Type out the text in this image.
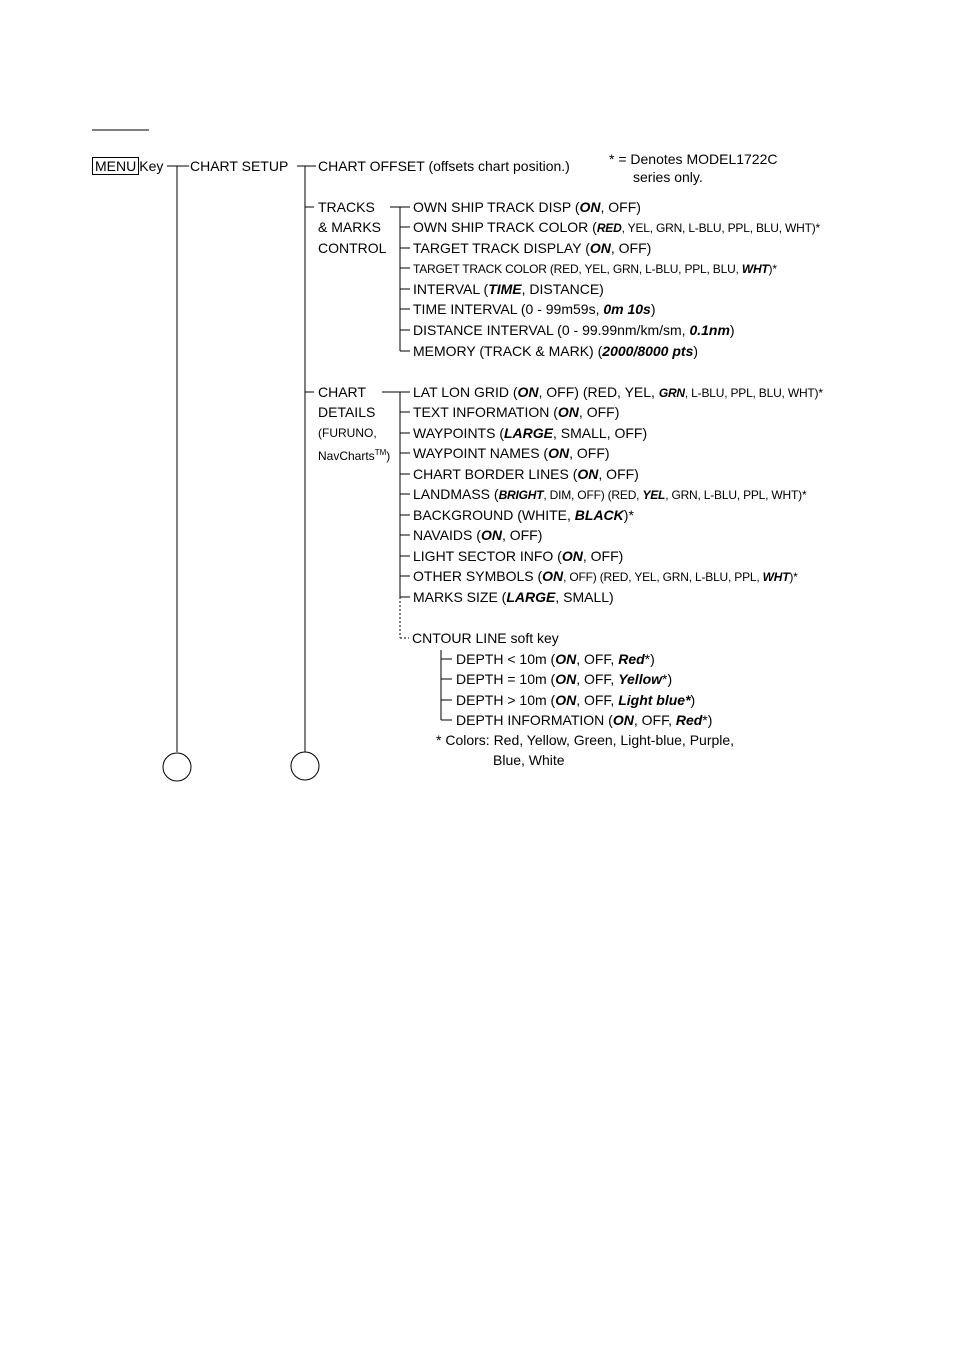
MENU Key CHART SETUP CHART OFFSET (offsets chart position.)	* = Denotes MODEL1722C
series only.
TRACKS
& MARKS
CONTROL
OWN SHIP TRACK DISP (ON, OFF)
OWN SHIP TRACK COLOR (RED, YEL, GRN, L-BLU, PPL, BLU, WHT)*
TARGET TRACK DISPLAY (ON, OFF)
TARGET TRACK COLOR (RED, YEL, GRN, L-BLU, PPL, BLU, WHT)*
INTERVAL (TIME, DISTANCE)
TIME INTERVAL (0 - 99m59s, 0m 10s)
DISTANCE INTERVAL (0 - 99.99nm/km/sm, 0.1nm)
MEMORY (TRACK & MARK) (2000/8000 pts)
CHART
DETAILS
(FURUNO,
NavCharts™)
LAT LON GRID (ON, OFF) (RED, YEL, GRN, L-BLU, PPL, BLU, WHT)*
TEXT INFORMATION (ON, OFF)
WAYPOINTS (LARGE, SMALL, OFF)
WAYPOINT NAMES (ON, OFF)
CHART BORDER LINES (ON, OFF)
LANDMASS (BRIGHT, DIM, OFF) (RED, YEL, GRN, L-BLU, PPL, WHT)*
BACKGROUND (WHITE, BLACK)*
NAVAIDS (ON, OFF)
LIGHT SECTOR INFO (ON, OFF)
OTHER SYMBOLS (ON, OFF) (RED, YEL, GRN, L-BLU, PPL, WHT)*
MARKS SIZE (LARGE, SMALL)
CNTOUR LINE soft key
DEPTH < 10m (ON, OFF, Red*)
DEPTH = 10m (ON, OFF, Yellow*)
DEPTH > 10m (ON, OFF, Light blue*)
DEPTH INFORMATION (ON, OFF, Red*)
* Colors: Red, Yellow, Green, Light-blue, Purple,
Blue, White
